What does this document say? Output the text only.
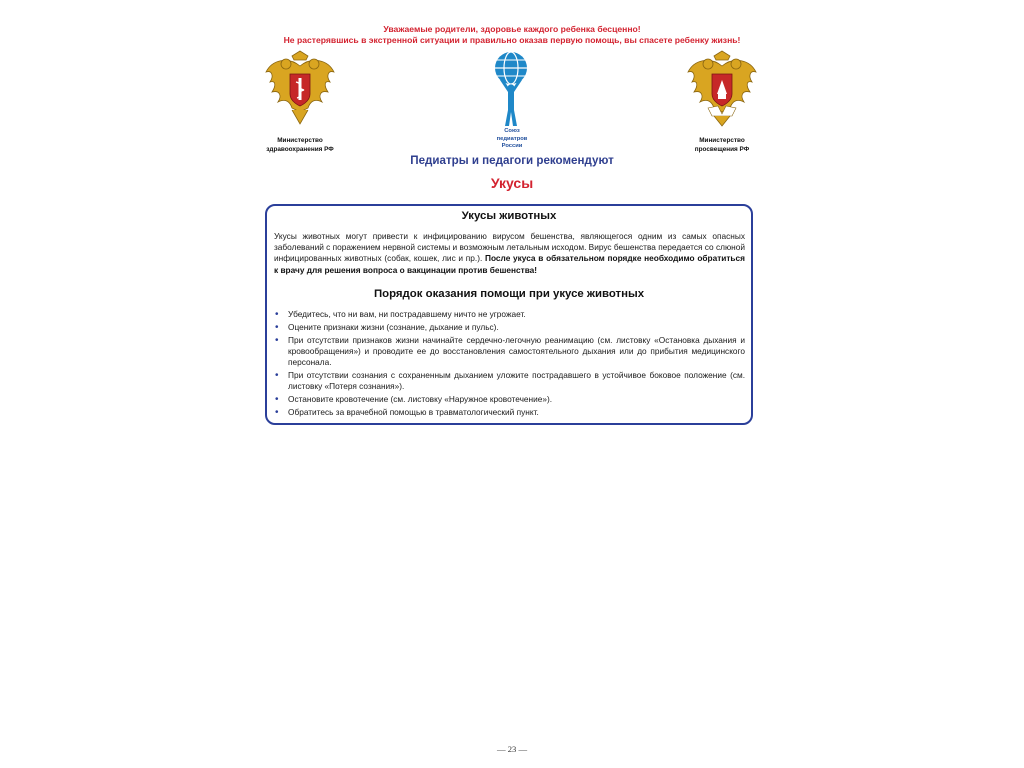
Уважаемые родители, здоровье каждого ребенка бесценно!
Не растерявшись в экстренной ситуации и правильно оказав первую помощь, вы спасете ребенку жизнь!
Министерство
здравоохранения РФ
Союз
педиатров
России
Министерство
просвещения РФ
Педиатры и педагоги рекомендуют
Укусы
Укусы животных

Укусы животных могут привести к инфицированию вирусом бешенства, являющегося одним из самых опасных заболеваний с поражением нервной системы и возможным летальным исходом. Вирус бешенства передается со слюной инфицированных животных (собак, кошек, лис и пр.). После укуса в обязательном порядке необходимо обратиться к врачу для решения вопроса о вакцинации против бешенства!

Порядок оказания помощи при укусе животных
• Убедитесь, что ни вам, ни пострадавшему ничто не угрожает.
• Оцените признаки жизни (сознание, дыхание и пульс).
• При отсутствии признаков жизни начинайте сердечно-легочную реанимацию (см. листовку «Остановка дыхания и кровообращения») и проводите ее до восстановления самостоятельного дыхания или до прибытия медицинского персонала.
• При отсутствии сознания с сохраненным дыханием уложите пострадавшего в устойчивое боковое положение (см. листовку «Потеря сознания»).
• Остановите кровотечение (см. листовку «Наружное кровотечение»).
• Обратитесь за врачебной помощью в травматологический пункт.
— 23 —
